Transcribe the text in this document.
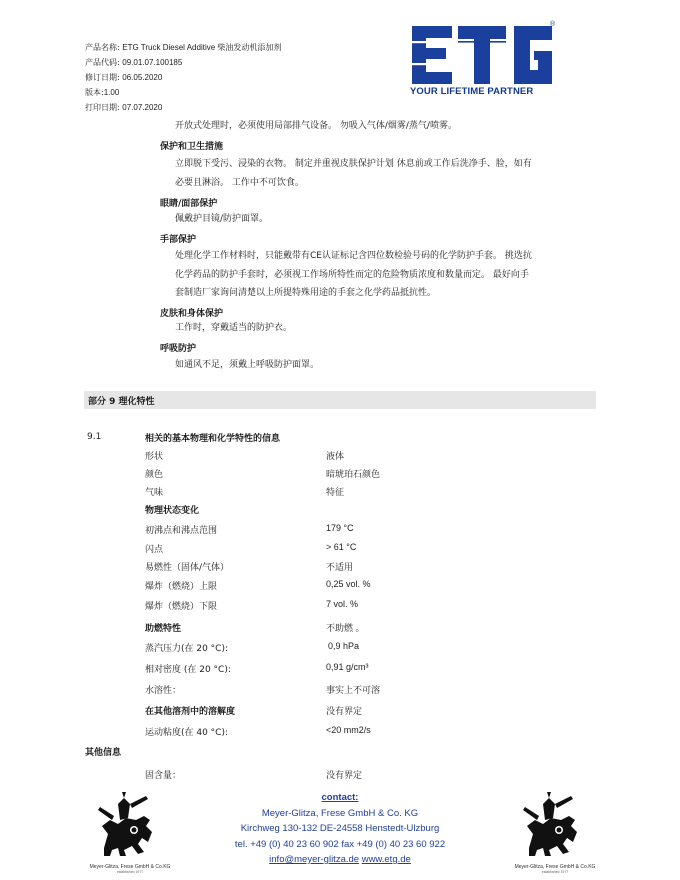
产品名称: ETG Truck Diesel Additive 柴油发动机添加剂
产品代码: 09.01.07.100185
修订日期: 06.05.2020
版本:1.00
打印日期: 07.07.2020
®
YOUR LIFETIME PARTNER
开放式处理时，必须使用局部排气设备。 勿吸入气体/烟雾/蒸气/喷雾。
保护和卫生措施
立即脱下受污、浸染的衣物。 制定并重视皮肤保护计划 休息前或工作后洗净手、脸，如有
必要且淋浴。 工作中不可饮食。
眼睛/面部保护
佩戴护目镜/防护面罩。
手部保护
处理化学工作材料时，只能戴带有CE认证标记含四位数检验号码的化学防护手套。 挑选抗
化学药品的防护手套时，必须视工作场所特性而定的危险物质浓度和数量而定。 最好向手
套制造厂家询问清楚以上所提特殊用途的手套之化学药品抵抗性。
皮肤和身体保护
工作时，穿戴适当的防护衣。
呼吸防护
如通风不足，须戴上呼吸防护面罩。
部分 9 理化特性
9.1	相关的基本物理和化学特性的信息
形状	液体
颜色	暗琥珀石颜色
气味	特征
物理状态变化
初沸点和沸点范围	179 °C
闪点	> 61 °C
易燃性（固体/气体）	不适用
爆炸（燃烧）上限	0,25 vol. %
爆炸（燃烧）下限	7 vol. %
助燃特性	不助燃 。
蒸汽压力(在 20 °C):	0,9 hPa
相对密度 (在 20 °C):	0,91 g/cm³
水溶性：	事实上不可溶
在其他溶剂中的溶解度	没有界定
运动粘度(在 40 °C):	<20 mm2/s
其他信息
固含量：	没有界定
contact:
Meyer-Glitza, Frese GmbH & Co. KG
Kirchweg 130-132 DE-24558 Henstedt-Ulzburg
tel. +49 (0) 40 23 60 902 fax +49 (0) 40 23 60 922
info@meyer-glitza.de www.etg.de
Meyer-Glitza, Frese GmbH & Co.KG
established 1977
Meyer-Glitza, Frese GmbH & Co.KG
established 1977
